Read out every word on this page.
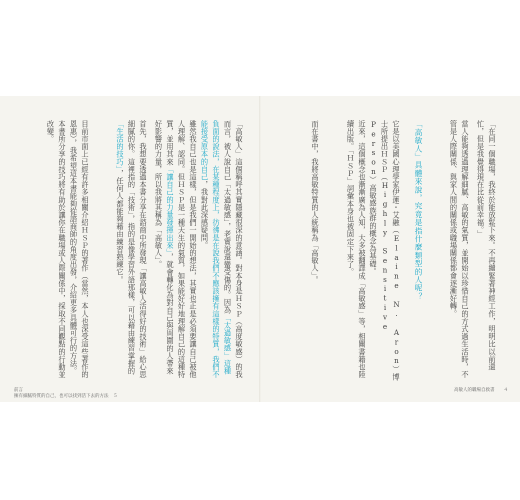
「在同一個職場，我終於能放鬆下來。不再繃緊著神經工作，明明比以前還忙，但是我覺得現在比從前幸福。」
當人能夠透過理解細膩、高敏的氣質，並開始以珍惜自己的方式過生活時，不管是人際關係、與家人間的關係或職場關係都會逐漸好轉。
「高敏人」具體來說，究竟是指什麼類型的人呢？
它是以美國心理學家伊蓮・艾融（Elaine N. Aron）博士所提出ＨＳＰ（Highly Sensitive Person）高敏感族群的概念為基礎。
近來，這個概念也漸漸廣為人知，大多被翻譯成「高敏感」等，相關書籍也陸續出版。「ＨＳＰ」詞彙本身也被固定下來了。
而在書中，我將高敏特質的人統稱為「高敏人」。
高敏人的職場自救書　　４
「高敏人」這個稱呼其實隱藏很深的意涵。對本身是ＨＳＰ（高度敏感）的我而言，被人說自己「太過敏感」，老實說還蠻受傷的。因為「太過敏感」這種負面的說法，在某種程度上，彷彿是在說我們不應該擁有這樣的特質，我們不能接受原本的自己，我對此深感疑問。
雖然我自己也是這樣，但是我們一開始的想法，其實也正是必須要讓自己被他人理解、認同。但ＨＳＰ是一種天生的氣質，如果能好好地理解自己的這種特質，並用其來「讓自己的力量發揮出來」，就會轉化為對自己與周圍的人帶來好影響的力量，所以我將其稱為「高敏人」。
首先，我想要透過本書分享在諮商中所發現「讓高敏人活得好的技術」給心思細膩的你。這裡指的「技術」，指的是像學習外語那樣，可以藉由練習掌握的「生活的技巧」，任何人都能夠藉由練習熟練它。
目前市面上已經有許多相關介紹ＨＳＰ的著作（當然，本人也深受這些著作的恩惠），我希望這本書能夠從諮商師的角度出發，介紹更多具體可行的方法。本書所分享的技巧將有助於讓你在職場或人際關係中，採取不同觀點的行動並改變。
前言
擁有細膩特質的自己，也可以找到活下去的方法　５
